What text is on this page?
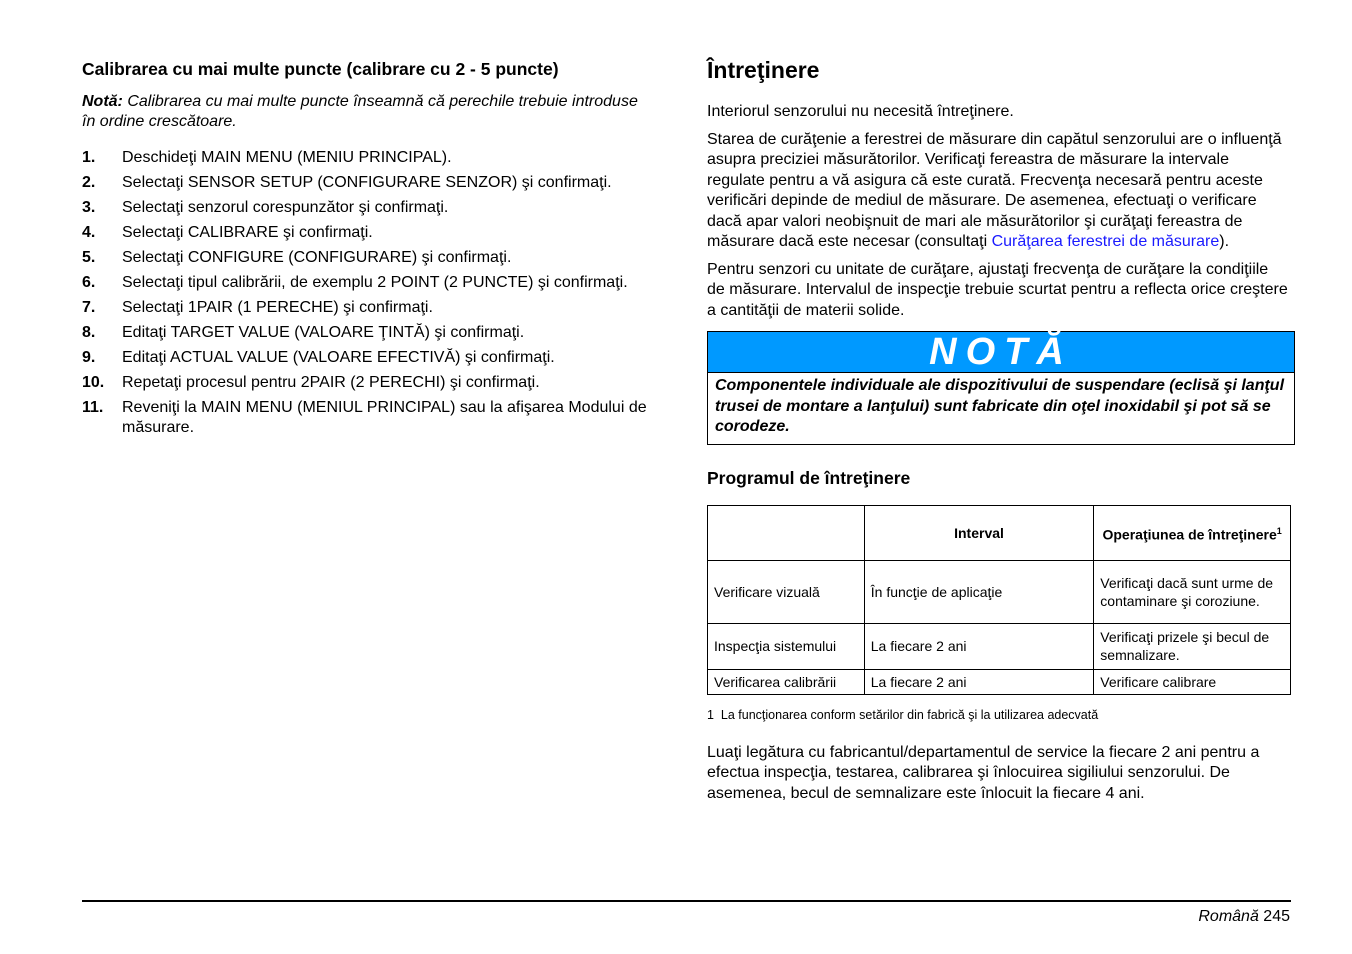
Calibrarea cu mai multe puncte (calibrare cu 2 - 5 puncte)

Notă: Calibrarea cu mai multe puncte înseamnă că perechile trebuie introduse în ordine crescătoare.

1. Deschideţi MAIN MENU (MENIU PRINCIPAL).
2. Selectaţi SENSOR SETUP (CONFIGURARE SENZOR) şi confirmaţi.
3. Selectaţi senzorul corespunzător şi confirmaţi.
4. Selectaţi CALIBRARE şi confirmaţi.
5. Selectaţi CONFIGURE (CONFIGURARE) şi confirmaţi.
6. Selectaţi tipul calibrării, de exemplu 2 POINT (2 PUNCTE) şi confirmaţi.
7. Selectaţi 1PAIR (1 PERECHE) şi confirmaţi.
8. Editaţi TARGET VALUE (VALOARE ŢINTĂ) şi confirmaţi.
9. Editaţi ACTUAL VALUE (VALOARE EFECTIVĂ) şi confirmaţi.
10. Repetaţi procesul pentru 2PAIR (2 PERECHI) şi confirmaţi.
11. Reveniţi la MAIN MENU (MENIUL PRINCIPAL) sau la afişarea Modului de măsurare.
Întreţinere

Interiorul senzorului nu necesită întreţinere.

Starea de curăţenie a ferestrei de măsurare din capătul senzorului are o influenţă asupra preciziei măsurătorilor. Verificaţi fereastra de măsurare la intervale regulate pentru a vă asigura că este curată. Frecvenţa necesară pentru aceste verificări depinde de mediul de măsurare. De asemenea, efectuaţi o verificare dacă apar valori neobişnuit de mari ale măsurătorilor şi curăţaţi fereastra de măsurare dacă este necesar (consultaţi Curăţarea ferestrei de măsurare).

Pentru senzori cu unitate de curăţare, ajustaţi frecvenţa de curăţare la condiţiile de măsurare. Intervalul de inspecţie trebuie scurtat pentru a reflecta orice creştere a cantităţii de materii solide.

NOTĂ
Componentele individuale ale dispozitivului de suspendare (eclisă şi lanţul trusei de montare a lanţului) sunt fabricate din oţel inoxidabil şi pot să se corodeze.
Programul de întreţinere
	Interval	Operaţiunea de întreţinere$^1$
Verificare vizuală	În funcţie de aplicaţie	Verificaţi dacă sunt urme de contaminare şi coroziune.
Inspecţia sistemului	La fiecare 2 ani	Verificaţi prizele şi becul de semnalizare.
Verificarea calibrării	La fiecare 2 ani	Verificare calibrare

1 La funcţionarea conform setărilor din fabrică şi la utilizarea adecvată

Luaţi legătura cu fabricantul/departamentul de service la fiecare 2 ani pentru a efectua inspecţia, testarea, calibrarea şi înlocuirea sigiliului senzorului. De asemenea, becul de semnalizare este înlocuit la fiecare 4 ani.

Română 245
